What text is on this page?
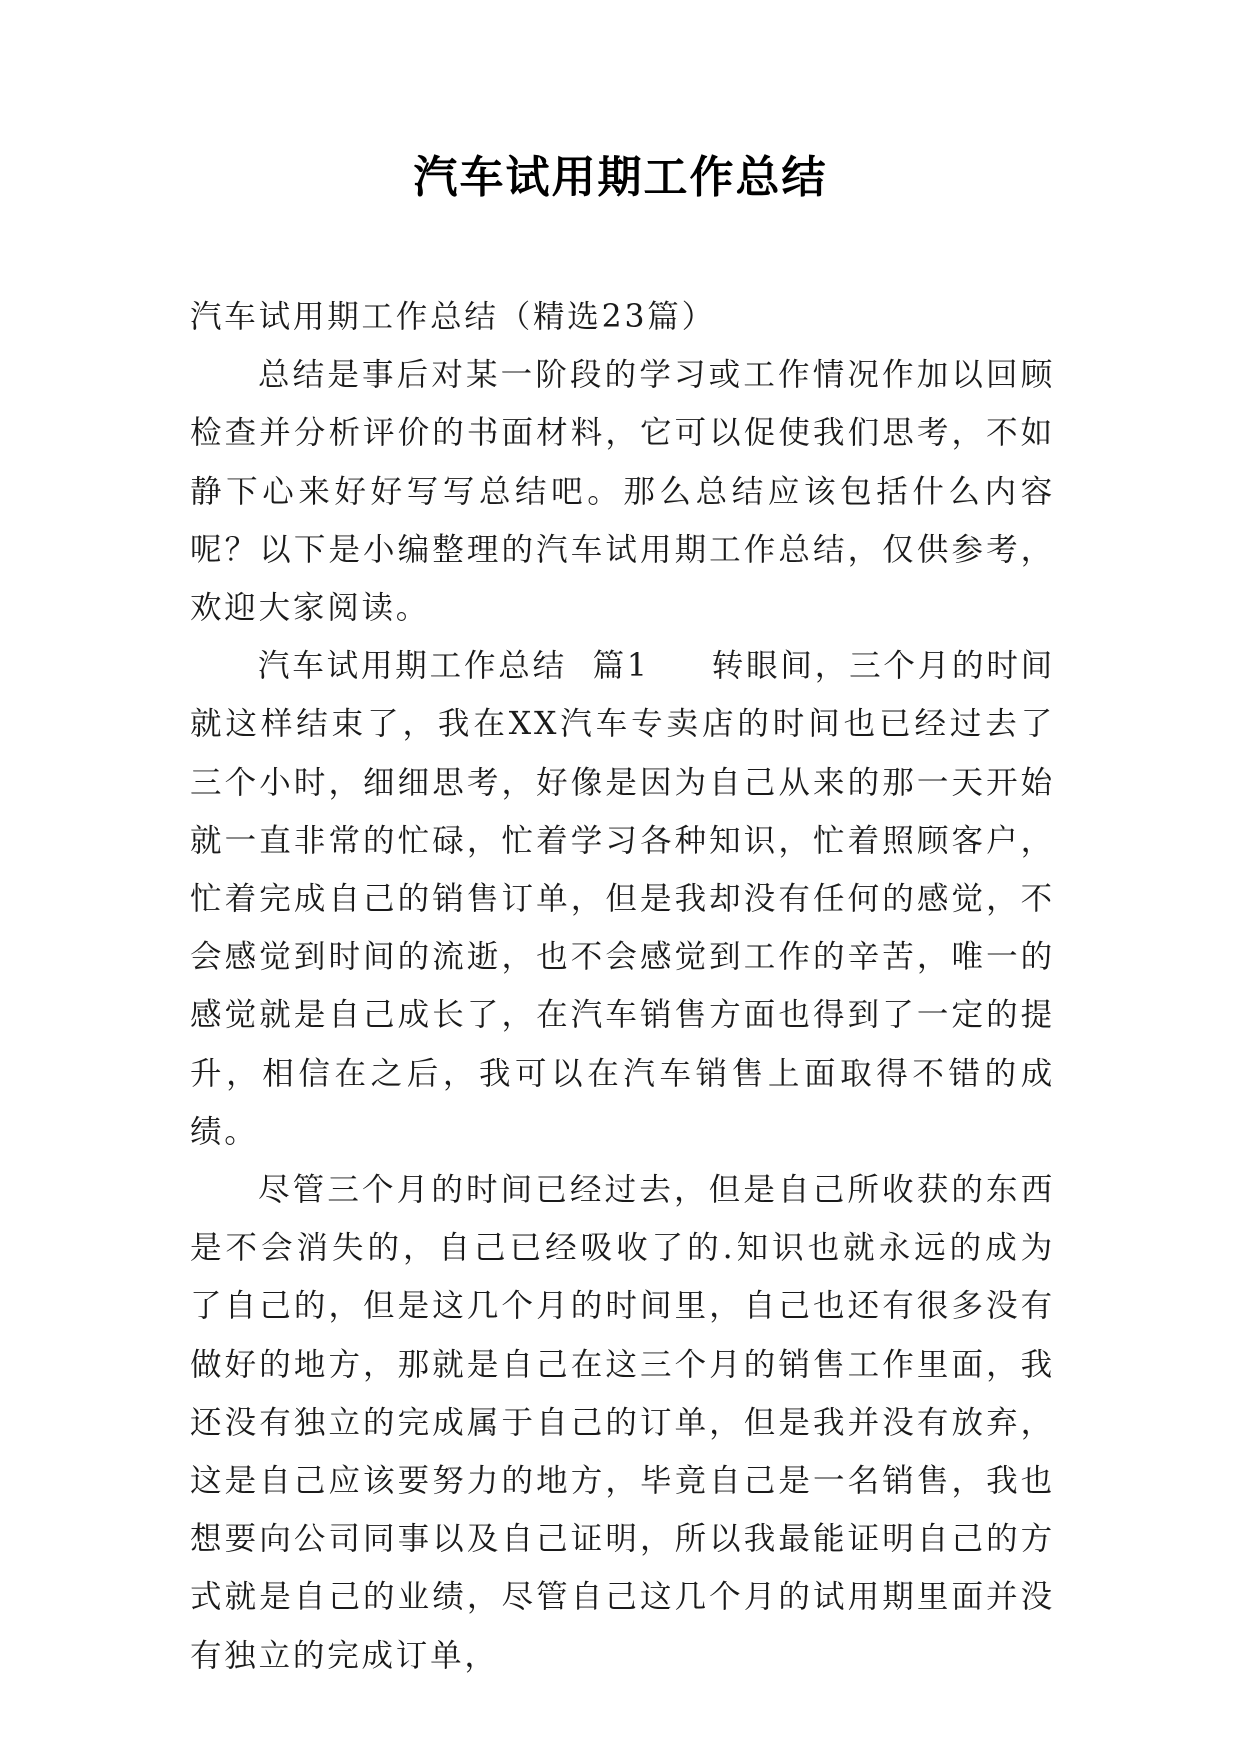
汽车试用期工作总结

汽车试用期工作总结（精选23篇）

总结是事后对某一阶段的学习或工作情况作加以回顾检查并分析评价的书面材料，它可以促使我们思考，不如静下心来好好写写总结吧。那么总结应该包括什么内容呢？以下是小编整理的汽车试用期工作总结，仅供参考，欢迎大家阅读。

汽车试用期工作总结  篇1 转眼间，三个月的时间就这样结束了，我在XX汽车专卖店的时间也已经过去了三个小时，细细思考，好像是因为自己从来的那一天开始就一直非常的忙碌，忙着学习各种知识，忙着照顾客户，忙着完成自己的销售订单，但是我却没有任何的感觉，不会感觉到时间的流逝，也不会感觉到工作的辛苦，唯一的感觉就是自己成长了，在汽车销售方面也得到了一定的提升，相信在之后，我可以在汽车销售上面取得不错的成绩。

尽管三个月的时间已经过去，但是自己所收获的东西是不会消失的，自己已经吸收了的.知识也就永远的成为了自己的，但是这几个月的时间里，自己也还有很多没有做好的地方，那就是自己在这三个月的销售工作里面，我还没有独立的完成属于自己的订单，但是我并没有放弃，这是自己应该要努力的地方，毕竟自己是一名销售，我也想要向公司同事以及自己证明，所以我最能证明自己的方式就是自己的业绩，尽管自己这几个月的试用期里面并没有独立的完成订单，
